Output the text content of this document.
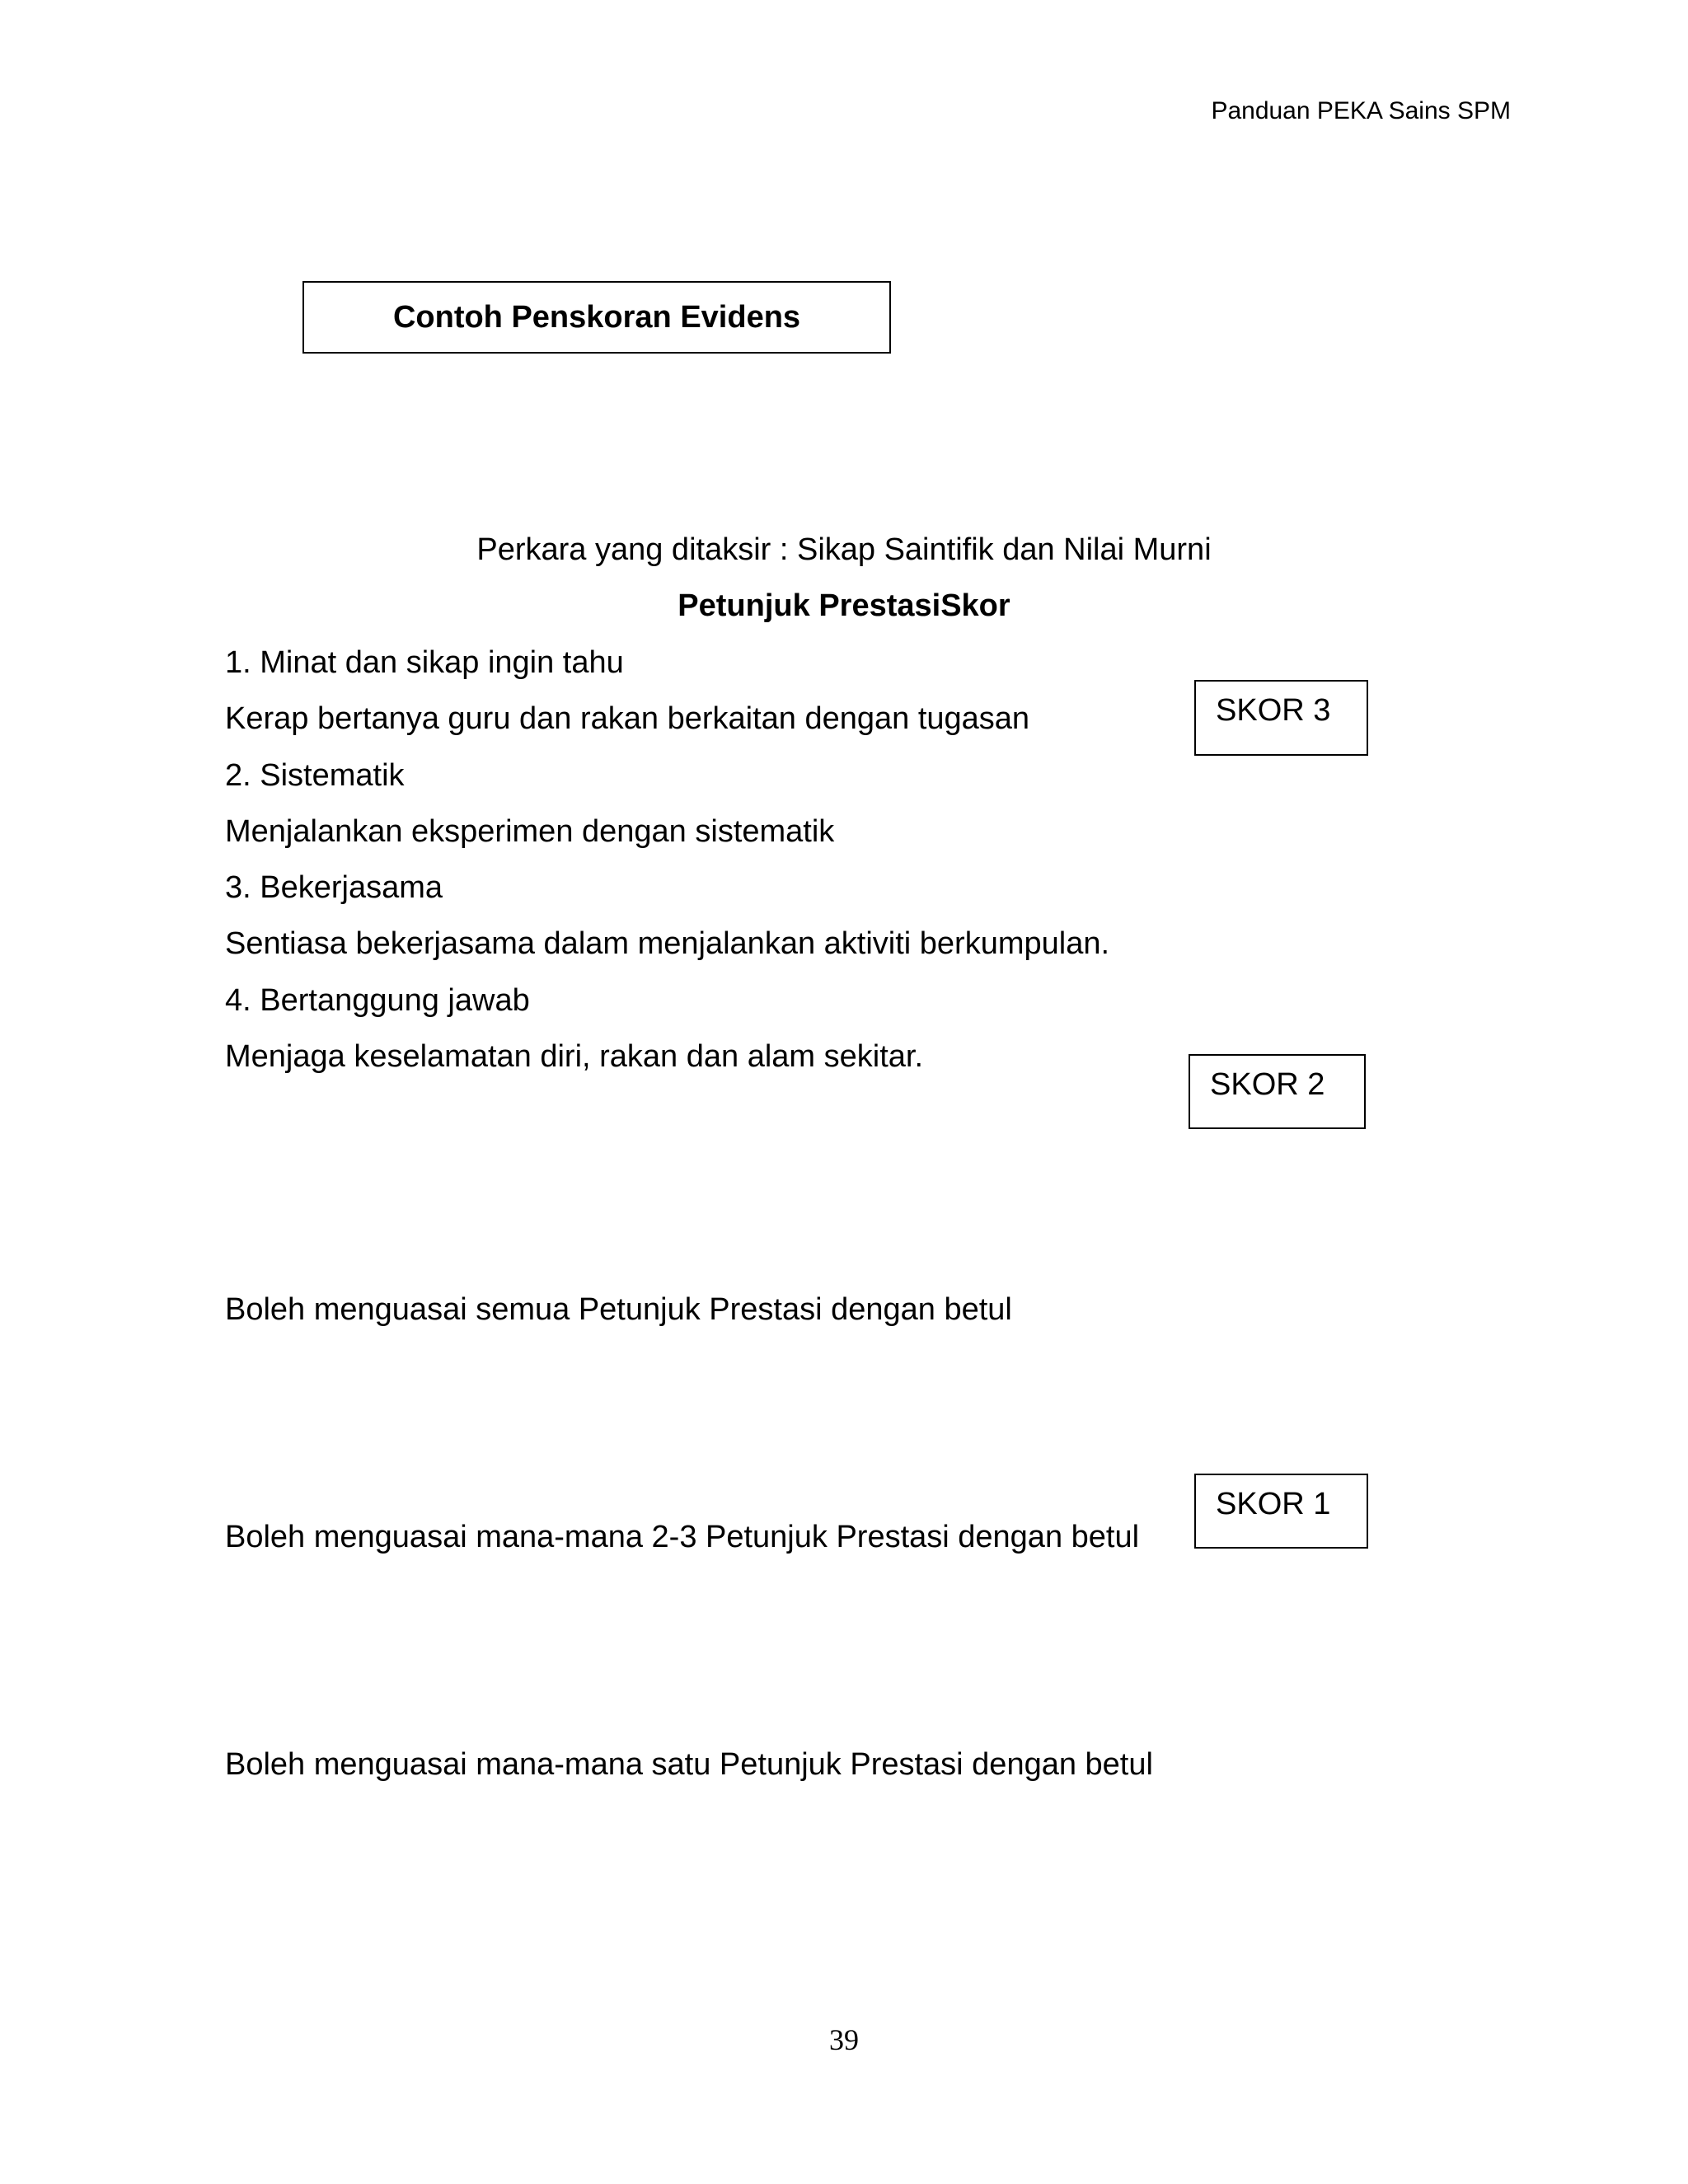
Panduan PEKA Sains SPM
Contoh Penskoran Evidens
Perkara yang ditaksir : Sikap Saintifik dan Nilai Murni
Petunjuk PrestasiSkor
1. Minat dan sikap ingin tahu
Kerap bertanya guru dan rakan berkaitan dengan tugasan
2. Sistematik
Menjalankan eksperimen dengan sistematik
3. Bekerjasama
Sentiasa bekerjasama dalam menjalankan aktiviti berkumpulan.
4. Bertanggung jawab
Menjaga keselamatan diri, rakan dan alam sekitar.
SKOR 3
SKOR 2
Boleh menguasai semua Petunjuk Prestasi dengan betul
SKOR 1
Boleh menguasai mana-mana 2-3 Petunjuk Prestasi dengan betul
Boleh menguasai mana-mana satu Petunjuk Prestasi dengan betul
39
